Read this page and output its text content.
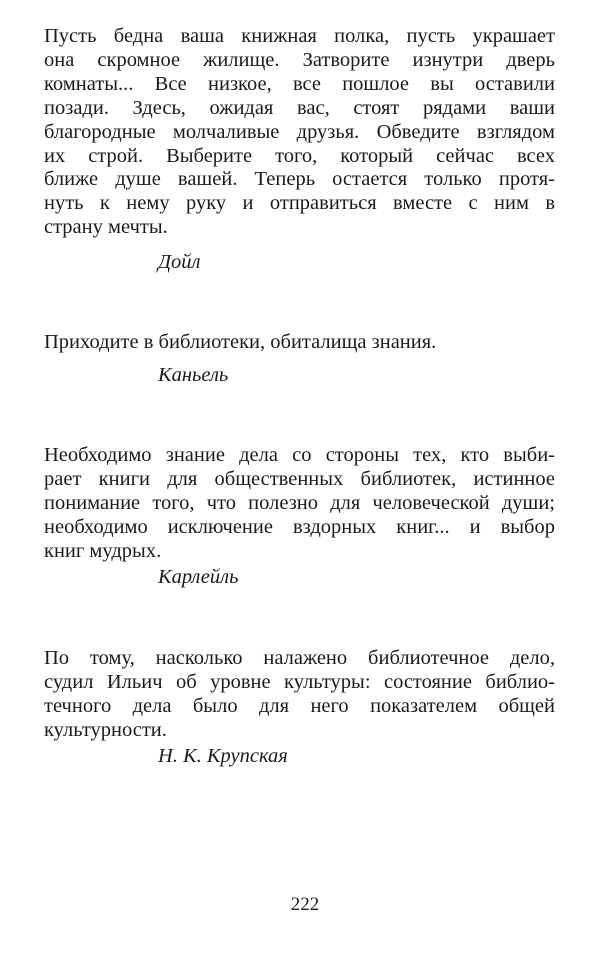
Пусть бедна ваша книжная полка, пусть украшает
она скромное жилище. Затворите изнутри дверь
комнаты... Все низкое, все пошлое вы оставили
позади. Здесь, ожидая вас, стоят рядами ваши
благородные молчаливые друзья. Обведите взглядом
их строй. Выберите того, который сейчас всех
ближе душе вашей. Теперь остается только протя-
нуть к нему руку и отправиться вместе с ним в
страну мечты.
Дойл
Приходите в библиотеки, обиталища знания.
Каньель
Необходимо знание дела со стороны тех, кто выби-
рает книги для общественных библиотек, истинное
понимание того, что полезно для человеческой души;
необходимо исключение вздорных книг... и выбор
книг мудрых.
Карлейль
По тому, насколько налажено библиотечное дело,
судил Ильич об уровне культуры: состояние библио-
течного дела было для него показателем общей
культурности.
Н. К. Крупская
222
